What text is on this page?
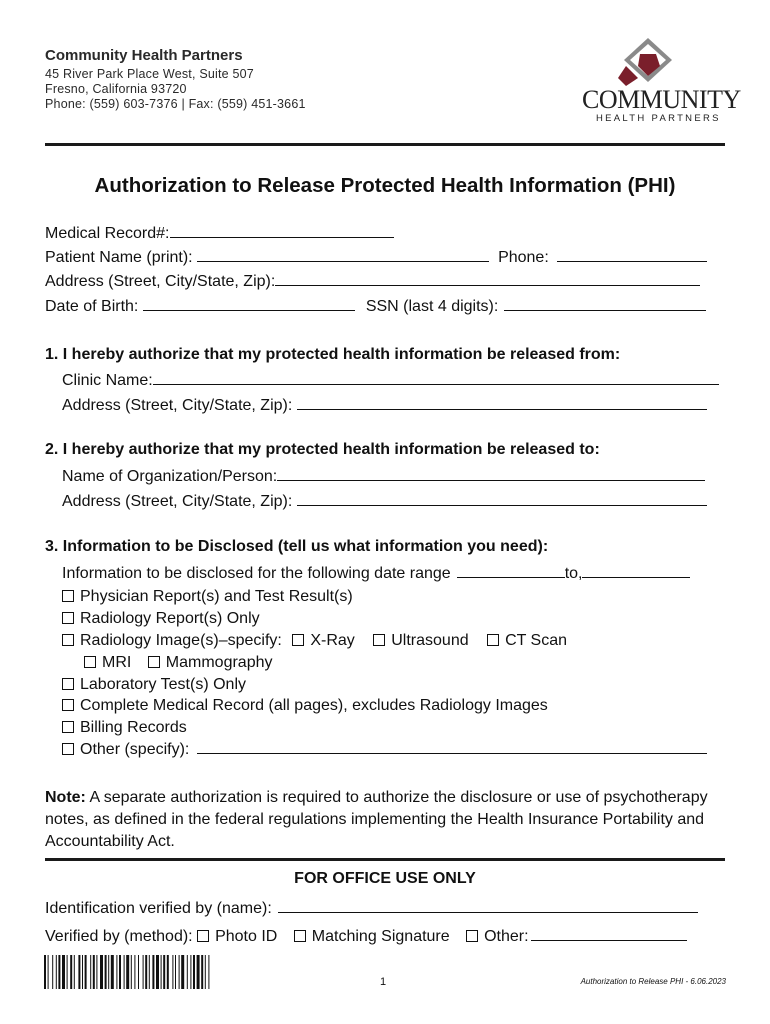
Community Health Partners
45 River Park Place West, Suite 507
Fresno, California 93720
Phone: (559) 603-7376 | Fax: (559) 451-3661	COMMUNITY
HEALTH PARTNERS
Authorization to Release Protected Health Information (PHI)
Medical Record#:
Patient Name (print):	Phone:
Address (Street, City/State, Zip):
Date of Birth:	SSN (last 4 digits):
1. I hereby authorize that my protected health information be released from:
Clinic Name:
Address (Street, City/State, Zip):
2. I hereby authorize that my protected health information be released to:
Name of Organization/Person:
Address (Street, City/State, Zip):
3. Information to be Disclosed (tell us what information you need):
Information to be disclosed for the following date range	to,
Physician Report(s) and Test Result(s)
Radiology Report(s) Only
Radiology Image(s)–specify: X-Ray Ultrasound CT Scan
MRI Mammography
Laboratory Test(s) Only
Complete Medical Record (all pages), excludes Radiology Images
Billing Records
Other (specify):
Note: A separate authorization is required to authorize the disclosure or use of psychotherapy notes, as defined in the federal regulations implementing the Health Insurance Portability and Accountability Act.
FOR OFFICE USE ONLY
Identification verified by (name):
Verified by (method): Photo ID Matching Signature Other:
1	Authorization to Release PHI - 6.06.2023
